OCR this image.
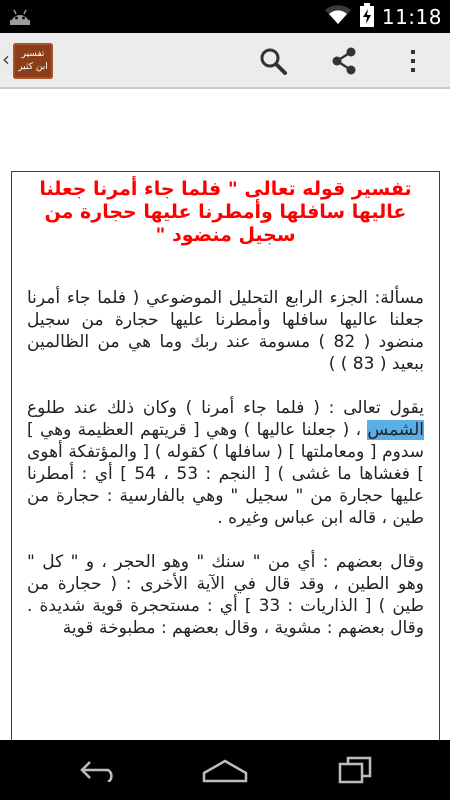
11:18
‹	تفسير
ابن كثير
تفسير قوله تعالى " فلما جاء أمرنا جعلنا عاليها سافلها وأمطرنا عليها حجارة من سجيل منضود "

مسألة: الجزء الرابع التحليل الموضوعي ( فلما جاء أمرنا جعلنا عاليها سافلها وأمطرنا عليها حجارة من سجيل منضود ( 82 ) مسومة عند ربك وما هي من الظالمين ببعيد ( 83 ) )

يقول تعالى : ( فلما جاء أمرنا ) وكان ذلك عند طلوع الشمس ، ( جعلنا عاليها ) وهي [ قريتهم العظيمة وهي ] سدوم [ ومعاملتها ] ( سافلها ) كقوله ) [ والمؤتفكة أهوى ] فغشاها ما غشى ) [ النجم : 53 ، 54 ] أي : أمطرنا عليها حجارة من " سجيل " وهي بالفارسية : حجارة من طين ، قاله ابن عباس وغيره .

وقال بعضهم : أي من " سنك " وهو الحجر ، و " كل " وهو الطين ، وقد قال في الآية الأخرى : ( حجارة من طين ) [ الذاريات : 33 ] أي : مستحجرة قوية شديدة . وقال بعضهم : مشوية ، وقال بعضهم : مطبوخة قوية
